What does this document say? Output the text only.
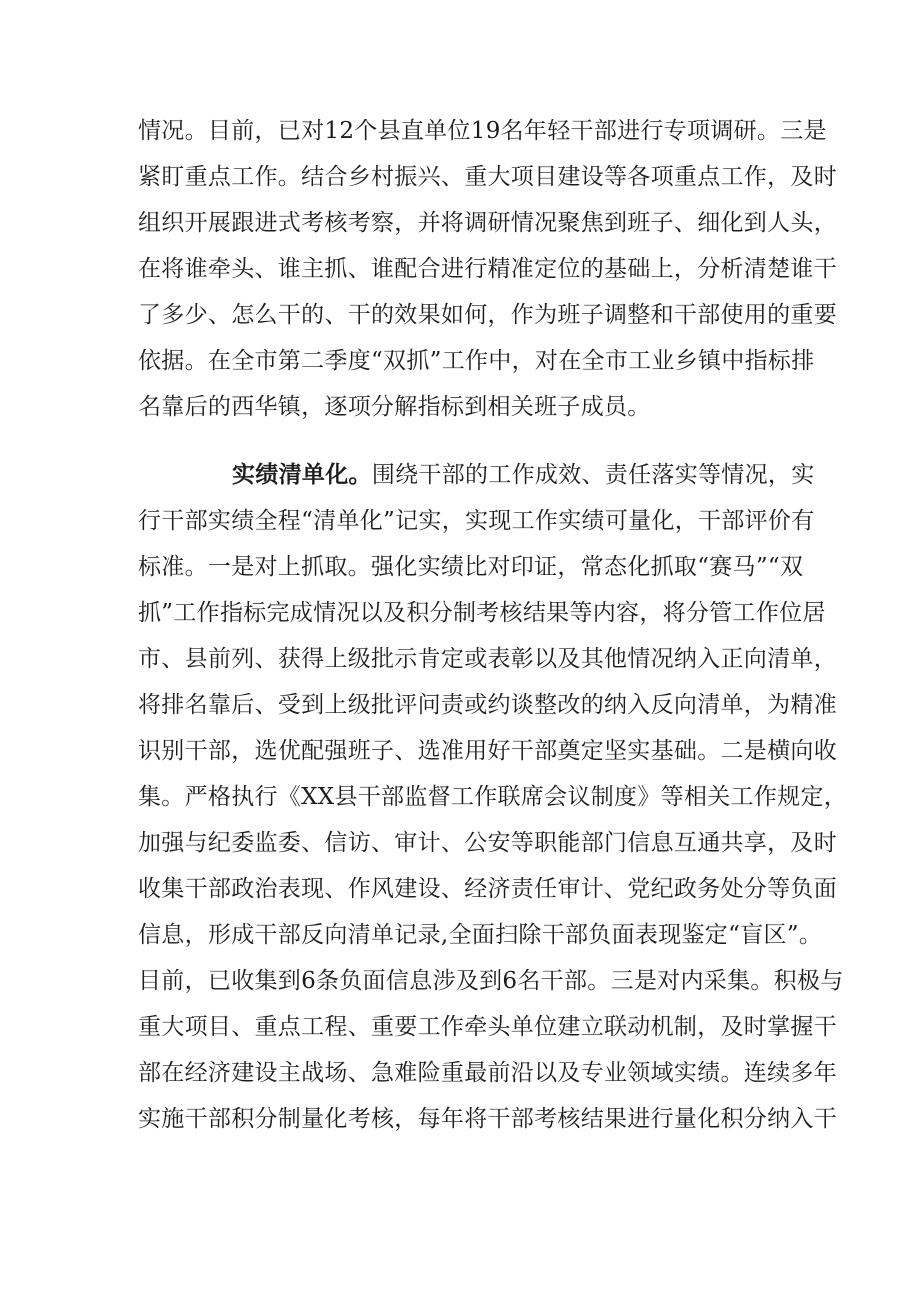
情况。目前，已对12个县直单位19名年轻干部进行专项调研。三是
紧盯重点工作。结合乡村振兴、重大项目建设等各项重点工作，及时
组织开展跟进式考核考察，并将调研情况聚焦到班子、细化到人头，
在将谁牵头、谁主抓、谁配合进行精准定位的基础上，分析清楚谁干
了多少、怎么干的、干的效果如何，作为班子调整和干部使用的重要
依据。在全市第二季度“双抓”工作中，对在全市工业乡镇中指标排
名靠后的西华镇，逐项分解指标到相关班子成员。
实绩清单化。围绕干部的工作成效、责任落实等情况，实
行干部实绩全程“清单化”记实，实现工作实绩可量化，干部评价有
标准。一是对上抓取。强化实绩比对印证，常态化抓取“赛马”“双
抓”工作指标完成情况以及积分制考核结果等内容，将分管工作位居
市、县前列、获得上级批示肯定或表彰以及其他情况纳入正向清单，
将排名靠后、受到上级批评问责或约谈整改的纳入反向清单，为精准
识别干部，选优配强班子、选准用好干部奠定坚实基础。二是横向收
集。严格执行《XX县干部监督工作联席会议制度》等相关工作规定，
加强与纪委监委、信访、审计、公安等职能部门信息互通共享，及时
收集干部政治表现、作风建设、经济责任审计、党纪政务处分等负面
信息，形成干部反向清单记录,全面扫除干部负面表现鉴定“盲区”。
目前，已收集到6条负面信息涉及到6名干部。三是对内采集。积极与
重大项目、重点工程、重要工作牵头单位建立联动机制，及时掌握干
部在经济建设主战场、急难险重最前沿以及专业领域实绩。连续多年
实施干部积分制量化考核，每年将干部考核结果进行量化积分纳入干
